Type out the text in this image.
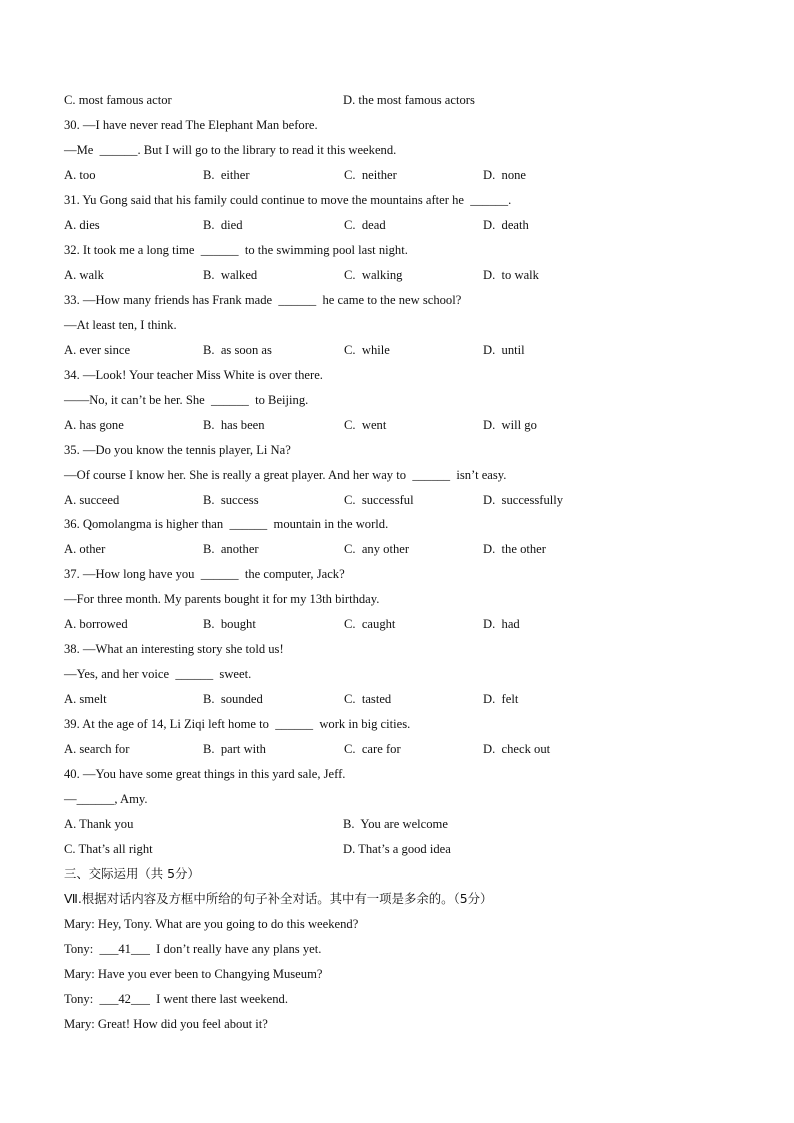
C. most famous actor	D. the most famous actors
30. —I have never read The Elephant Man before.
—Me  ______. But I will go to the library to read it this weekend.
A. too	B.  either	C.  neither	D.  none
31. Yu Gong said that his family could continue to move the mountains after he  ______.
A. dies	B.  died	C.  dead	D.  death
32. It took me a long time  ______  to the swimming pool last night.
A. walk	B.  walked	C.  walking	D.  to walk
33. —How many friends has Frank made  ______  he came to the new school?
—At least ten, I think.
A. ever since	B.  as soon as	C.  while	D.  until
34. —Look! Your teacher Miss White is over there.
——No, it can’t be her. She  ______  to Beijing.
A. has gone	B.  has been	C.  went	D.  will go
35. —Do you know the tennis player, Li Na?
—Of course I know her. She is really a great player. And her way to  ______  isn’t easy.
A. succeed	B.  success	C.  successful	D.  successfully
36. Qomolangma is higher than  ______  mountain in the world.
A. other	B.  another	C.  any other	D.  the other
37. —How long have you  ______  the computer, Jack?
—For three month. My parents bought it for my 13th birthday.
A. borrowed	B.  bought	C.  caught	D.  had
38. —What an interesting story she told us!
—Yes, and her voice  ______  sweet.
A. smelt	B.  sounded	C.  tasted	D.  felt
39. At the age of 14, Li Ziqi left home to  ______  work in big cities.
A. search for	B.  part with	C.  care for	D.  check out
40. —You have some great things in this yard sale, Jeff.
—______, Amy.
A. Thank you	B.  You are welcome
C. That’s all right	D. That’s a good idea
三、交际运用（共 5分）
Ⅶ.根据对话内容及方框中所给的句子补全对话。其中有一项是多余的。（5分）
Mary: Hey, Tony. What are you going to do this weekend?
Tony:  ___41___  I don’t really have any plans yet.
Mary: Have you ever been to Changying Museum?
Tony:  ___42___  I went there last weekend.
Mary: Great! How did you feel about it?
